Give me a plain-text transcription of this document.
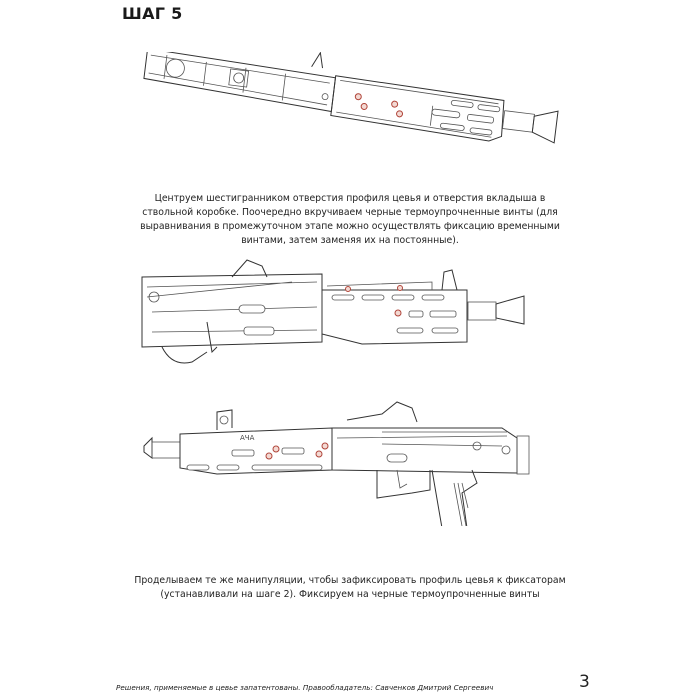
ШАГ 5

Центруем шестигранником отверстия профиля цевья и отверстия вкладыша в ствольной коробке. Поочередно вкручиваем черные термоупрочненные винты (для выравнивания в промежуточном этапе можно осуществлять фиксацию временными винтами, затем заменяя их на постоянные).

АЧА

Проделываем те же манипуляции, чтобы зафиксировать профиль цевья к фиксаторам (устанавливали на шаге 2). Фиксируем на черные термоупрочненные винты

Решения, применяемые в цевье запатентованы. Правообладатель: Савченков Дмитрий Сергеевич	3
